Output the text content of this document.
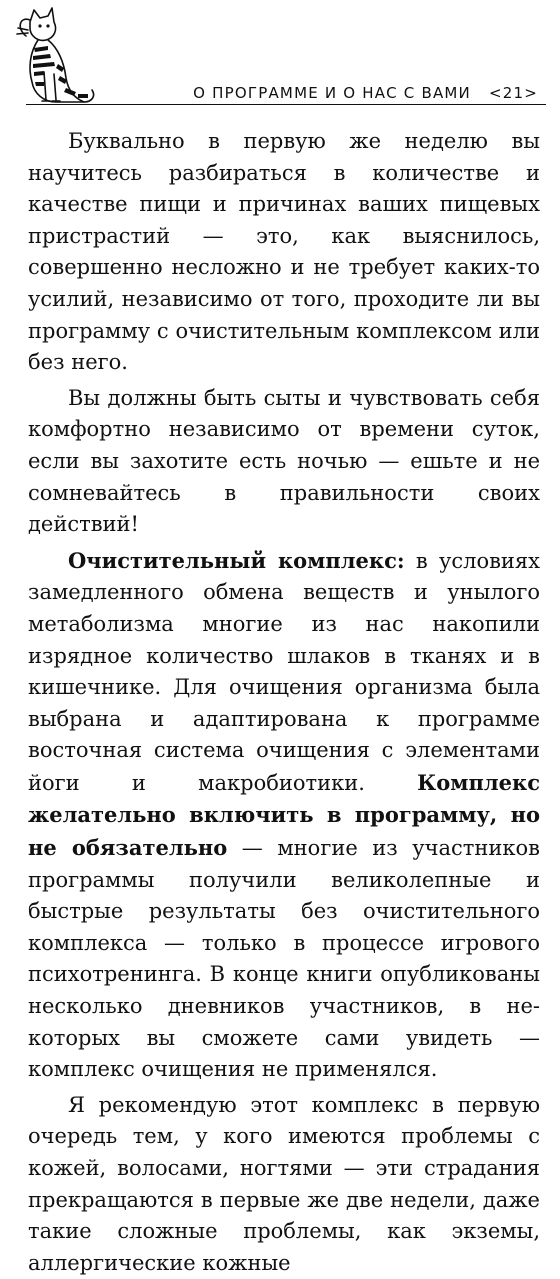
О ПРОГРАММЕ И О НАС С ВАМИ <21>

Буквально в первую же неделю вы научитесь разбираться в количестве и качестве пищи и причинах ваших пищевых пристрастий — это, как выяснилось, совершенно несложно и не требует каких-то усилий, независимо от того, проходите ли вы программу с очистительным комплексом или без него.

Вы должны быть сыты и чувствовать себя комфортно независимо от времени суток, если вы захотите есть ночью — ешьте и не сомневайтесь в правильности своих действий!

Очистительный комплекс: в условиях замедленного обмена веществ и унылого метаболизма многие из нас накопили изрядное количество шлаков в тканях и в кишечнике. Для очищения организма была выбрана и адаптирована к программе восточная система очищения с элементами йоги и макробиотики. Комплекс желательно включить в программу, но не обязательно — многие из участников программы получили великолепные и быстрые результаты без очистительного комплекса — только в процессе игрового психотренинга. В конце книги опубликованы несколько дневников участников, в некоторых вы сможете сами увидеть — комплекс очищения не применялся.

Я рекомендую этот комплекс в первую очередь тем, у кого имеются проблемы с кожей, волосами, ногтями — эти страдания прекращаются в первые же две недели, даже такие сложные проблемы, как экземы, аллергические кожные
